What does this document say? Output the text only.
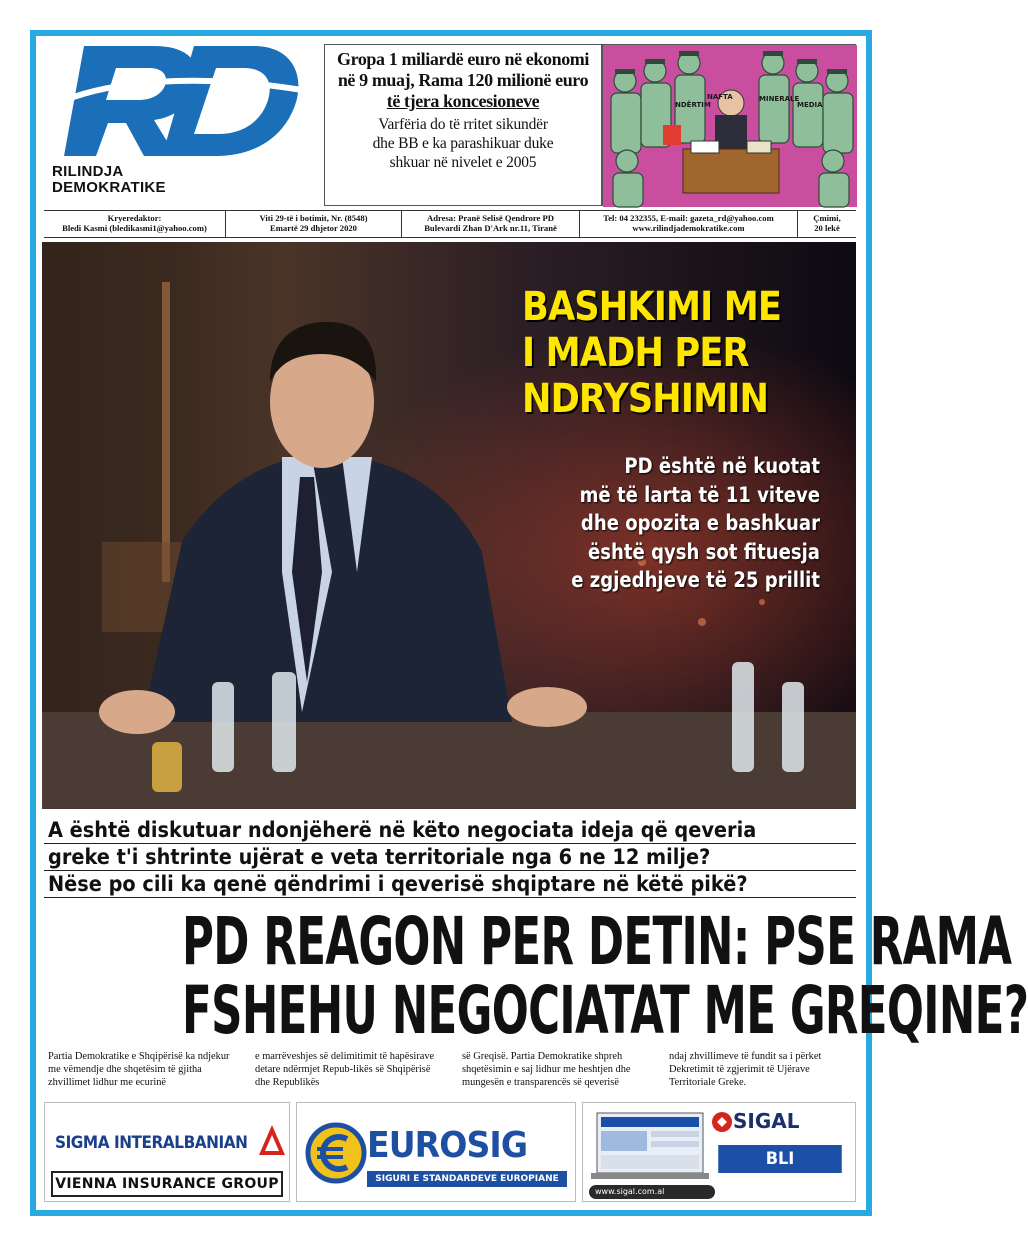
RILINDJA
DEMOKRATIKE
Gropa 1 miliardë euro në ekonomi
në 9 muaj, Rama 120 milionë euro
të tjera koncesioneve
Varfëria do të rritet sikundër
dhe BB e ka parashikuar duke
shkuar në nivelet e 2005
NDËRTIM
NAFTA	MINERALE
MEDIA
Kryeredaktor:
Bledi Kasmi (bledikasmi1@yahoo.com)
Viti 29-të i botimit, Nr. (8548)
Emartë 29 dhjetor 2020
Adresa: Pranë Selisë Qendrore PD
Bulevardi Zhan D'Ark nr.11, Tiranë
Tel: 04 232355, E-mail: gazeta_rd@yahoo.com
www.rilindjademokratike.com
Çmimi,
20 lekë
BASHKIMI ME
I MADH PER
NDRYSHIMIN
PD është në kuotat
më të larta të 11 viteve
dhe opozita e bashkuar
është qysh sot fituesja
e zgjedhjeve të 25 prillit
A është diskutuar ndonjëherë në këto negociata ideja që qeveria
greke t'i shtrinte ujërat e veta territoriale nga 6 ne 12 milje?
Nëse po cili ka qenë qëndrimi i qeverisë shqiptare në këtë pikë?
PD REAGON PER DETIN: PSE RAMA
FSHEHU NEGOCIATAT ME GREQINE?
Partia Demokratike e Shqipërisë ka ndjekur me vëmendje dhe shqetësim të gjitha zhvillimet lidhur me ecurinë
e marrëveshjes së delimitimit të hapësirave detare ndërmjet Repub-likës së Shqipërisë dhe Republikës
së Greqisë. Partia Demokratike shpreh shqetësimin e saj lidhur me heshtjen dhe mungesën e transparencës së qeverisë
ndaj zhvillimeve të fundit sa i përket Dekretimit të zgjerimit të Ujërave Territoriale Greke.
SIGMA INTERALBANIAN
VIENNA INSURANCE GROUP
EUROSIG
SIGURI E STANDARDEVE EUROPIANE
SIGAL
BLI SIGURIMIN
www.sigal.com.al
